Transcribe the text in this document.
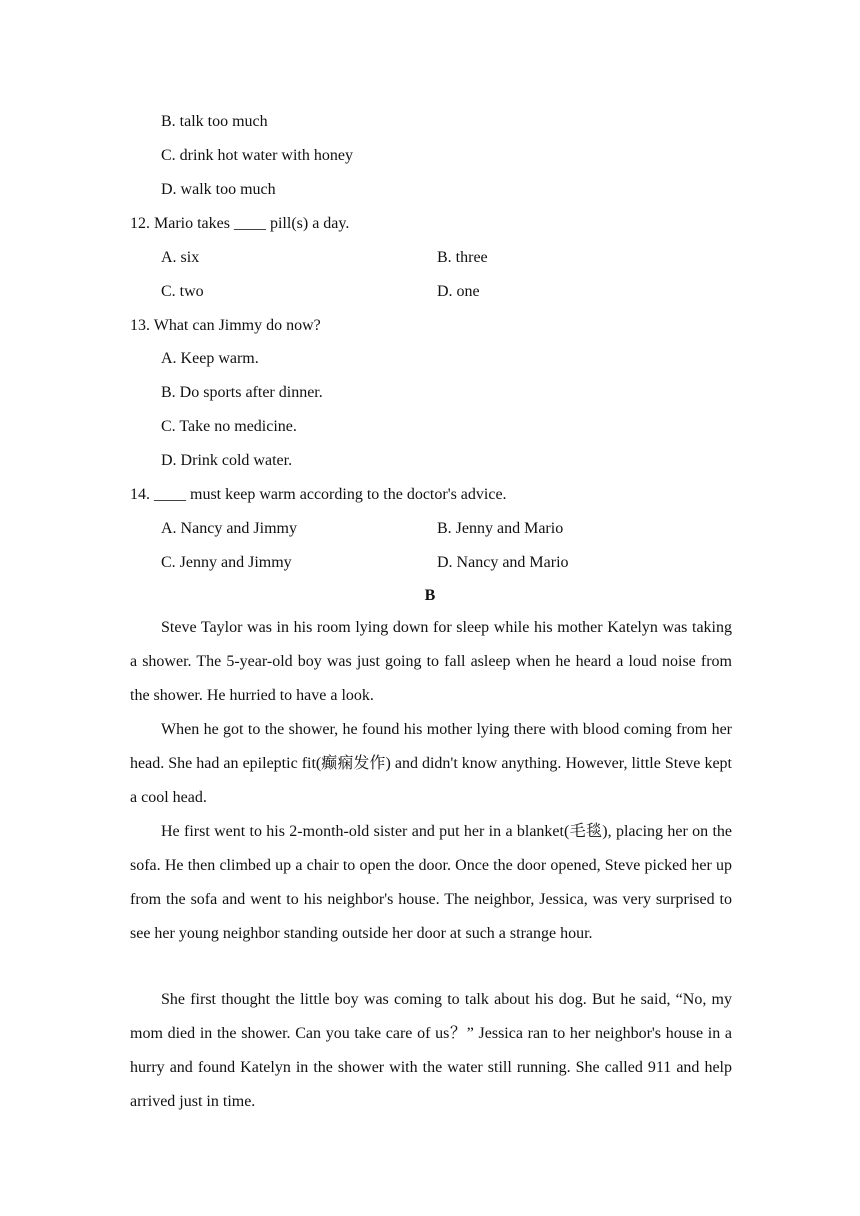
B. talk too much
C. drink hot water with honey
D. walk too much
12. Mario takes ____ pill(s) a day.
A. six	B. three
C. two	D. one
13. What can Jimmy do now?
A. Keep warm.
B. Do sports after dinner.
C. Take no medicine.
D. Drink cold water.
14. ____ must keep warm according to the doctor's advice.
A. Nancy and Jimmy	B. Jenny and Mario
C. Jenny and Jimmy	D. Nancy and Mario
B

Steve Taylor was in his room lying down for sleep while his mother Katelyn was taking a shower. The 5-year-old boy was just going to fall asleep when he heard a loud noise from the shower. He hurried to have a look.

When he got to the shower, he found his mother lying there with blood coming from her head. She had an epileptic fit(癫痫发作) and didn't know anything. However, little Steve kept a cool head.

He first went to his 2-month-old sister and put her in a blanket(毛毯), placing her on the sofa. He then climbed up a chair to open the door. Once the door opened, Steve picked her up from the sofa and went to his neighbor's house. The neighbor, Jessica, was very surprised to see her young neighbor standing outside her door at such a strange hour.

She first thought the little boy was coming to talk about his dog. But he said, “No, my mom died in the shower. Can you take care of us？” Jessica ran to her neighbor's house in a hurry and found Katelyn in the shower with the water still running. She called 911 and help arrived just in time.
